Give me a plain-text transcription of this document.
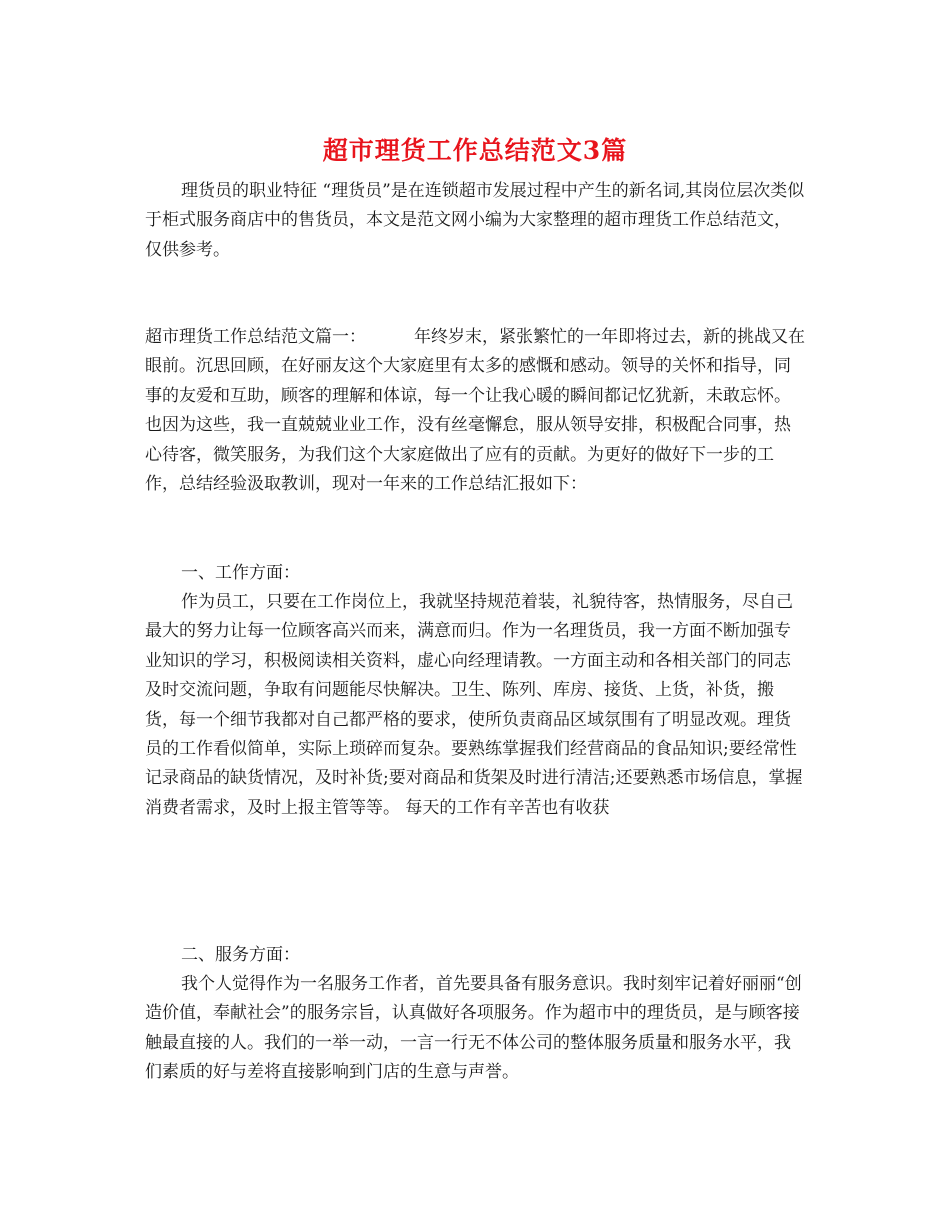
超市理货工作总结范文3篇

理货员的职业特征 “理货员”是在连锁超市发展过程中产生的新名词,其岗位层次类似于柜式服务商店中的售货员，本文是范文网小编为大家整理的超市理货工作总结范文，仅供参考。

超市理货工作总结范文篇一：	年终岁末，紧张繁忙的一年即将过去，新的挑战又在眼前。沉思回顾，在好丽友这个大家庭里有太多的感慨和感动。领导的关怀和指导，同事的友爱和互助，顾客的理解和体谅，每一个让我心暖的瞬间都记忆犹新，未敢忘怀。也因为这些，我一直兢兢业业工作，没有丝毫懈怠，服从领导安排，积极配合同事，热心待客，微笑服务，为我们这个大家庭做出了应有的贡献。为更好的做好下一步的工作，总结经验汲取教训，现对一年来的工作总结汇报如下：

一、工作方面：

作为员工，只要在工作岗位上，我就坚持规范着装，礼貌待客，热情服务，尽自己最大的努力让每一位顾客高兴而来，满意而归。作为一名理货员，我一方面不断加强专业知识的学习，积极阅读相关资料，虚心向经理请教。一方面主动和各相关部门的同志及时交流问题，争取有问题能尽快解决。卫生、陈列、库房、接货、上货，补货，搬货，每一个细节我都对自己都严格的要求，使所负责商品区域氛围有了明显改观。理货员的工作看似简单，实际上琐碎而复杂。要熟练掌握我们经营商品的食品知识;要经常性记录商品的缺货情况，及时补货;要对商品和货架及时进行清洁;还要熟悉市场信息，掌握消费者需求，及时上报主管等等。 每天的工作有辛苦也有收获

二、服务方面：

我个人觉得作为一名服务工作者，首先要具备有服务意识。我时刻牢记着好丽丽“创造价值，奉献社会”的服务宗旨，认真做好各项服务。作为超市中的理货员，是与顾客接触最直接的人。我们的一举一动，一言一行无不体公司的整体服务质量和服务水平，我们素质的好与差将直接影响到门店的生意与声誉。
